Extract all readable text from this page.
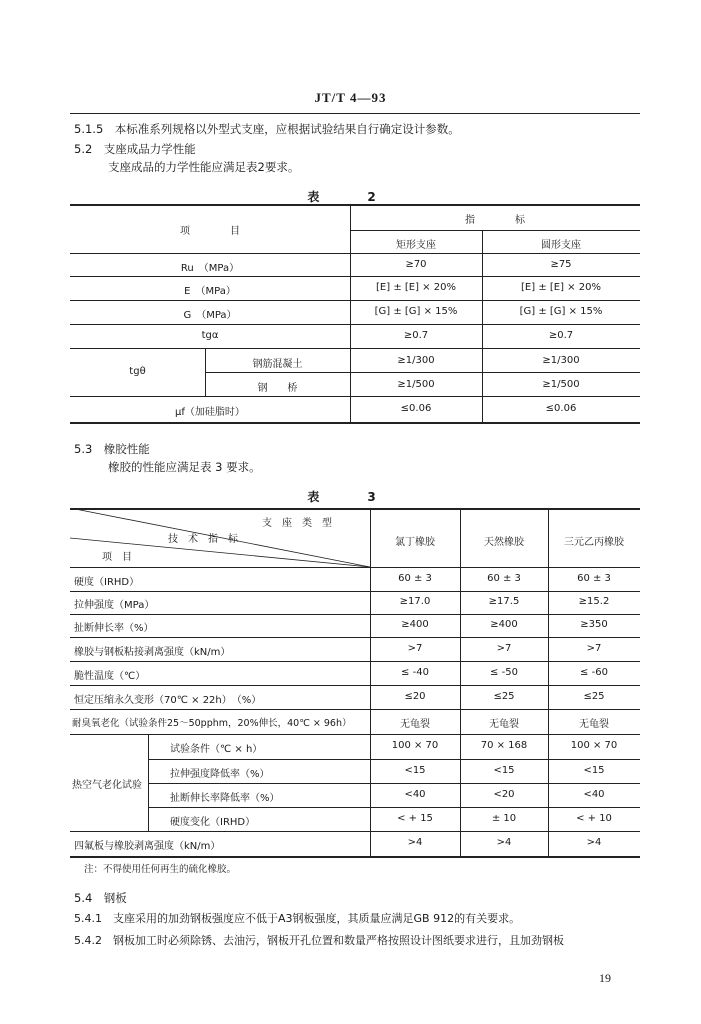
JT/T 4—93
5.1.5　 本标准系列规格以外型式支座，应根据试验结果自行确定设计参数。
5.2　 支座成品力学性能
支座成品的力学性能应满足表2要求。
表　2
项　　　　目
指　　　　标
矩形支座	圆形支座
Ru　（MPa）	≥70	≥75
E　（MPa）	[E] ± [E] × 20%	[E] ± [E] × 20%
G　（MPa）	[G] ± [G] × 15%	[G] ± [G] × 15%
tgα	≥0.7	≥0.7
tgθ
钢筋混凝土	≥1/300	≥1/300
钢　　桥	≥1/500	≥1/500
μf（加硅脂时）	≤0.06	≤0.06
5.3　 橡胶性能
橡胶的性能应满足表 3 要求。
表　3
支　座　类　型
技　术　指　标
项　目
氯丁橡胶	天然橡胶	三元乙丙橡胶
硬度（IRHD）	60 ± 3	60 ± 3	60 ± 3
拉伸强度（MPa）	≥17.0	≥17.5	≥15.2
扯断伸长率（%）	≥400	≥400	≥350
橡胶与钢板粘接剥离强度（kN/m）	>7	>7	>7
脆性温度（℃）	≤ -40	≤ -50	≤ -60
恒定压缩永久变形（70℃ × 22h）　（%）	≤20	≤25	≤25
耐臭氧老化（试验条件25～50pphm，20%伸长，40℃ × 96h）	无龟裂	无龟裂	无龟裂
热空气老化试验
试验条件（℃ × h）	100 × 70	70 × 168	100 × 70
拉伸强度降低率（%）	<15	<15	<15
扯断伸长率降低率（%）	<40	<20	<40
硬度变化（IRHD）	< + 15	± 10	< + 10
四氟板与橡胶剥离强度（kN/m）	>4	>4	>4
注：不得使用任何再生的硫化橡胶。
5.4　 钢板
5.4.1　 支座采用的加劲钢板强度应不低于A3钢板强度，其质量应满足GB 912的有关要求。
5.4.2　 钢板加工时必须除锈、去油污，钢板开孔位置和数量严格按照设计图纸要求进行，且加劲钢板
19
